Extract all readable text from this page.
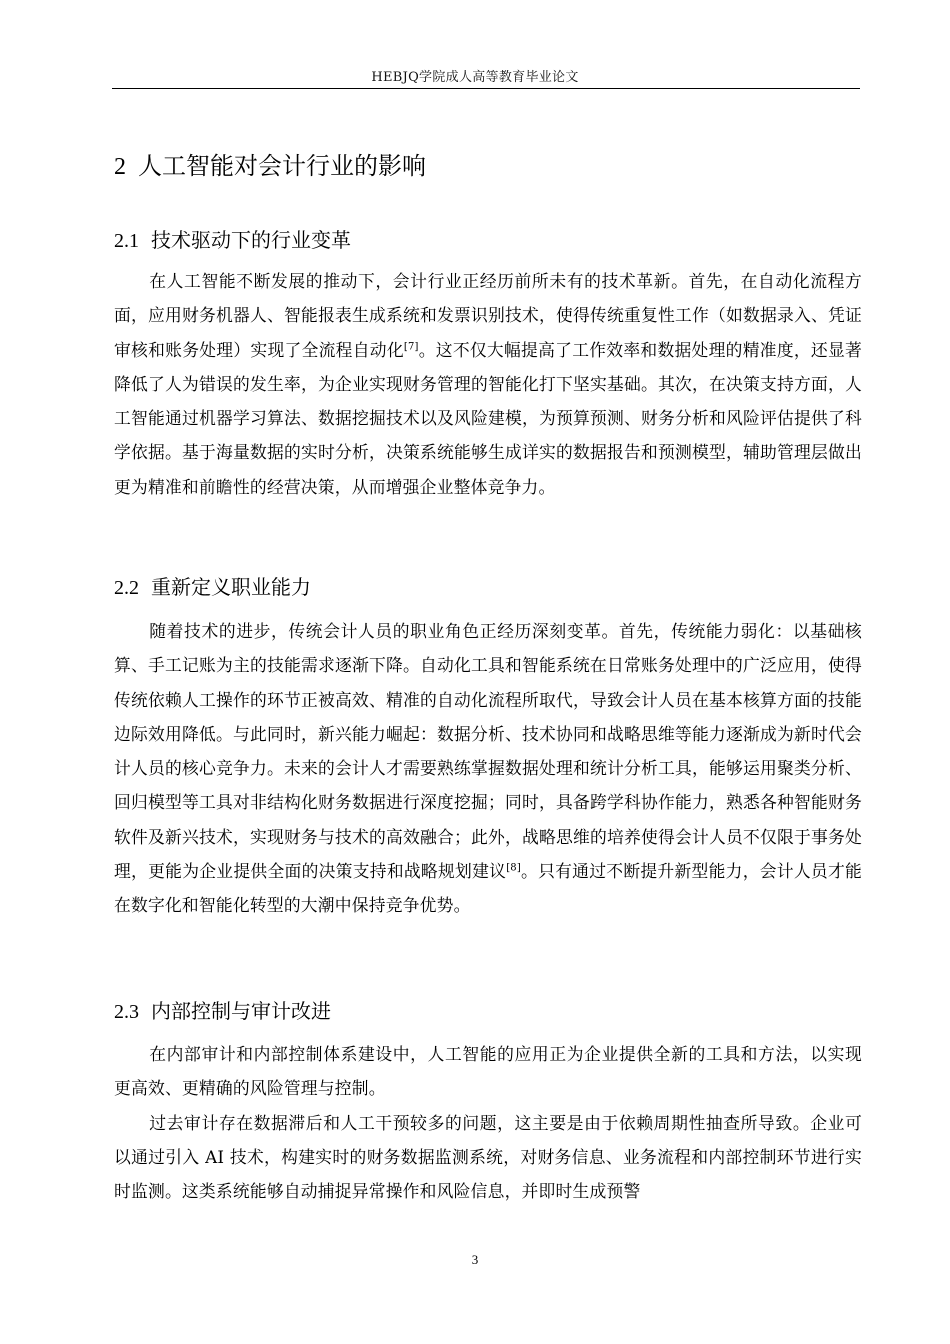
HEBJQ学院成人高等教育毕业论文
2 人工智能对会计行业的影响
2.1 技术驱动下的行业变革

在人工智能不断发展的推动下，会计行业正经历前所未有的技术革新。首先，在自动化流程方面，应用财务机器人、智能报表生成系统和发票识别技术，使得传统重复性工作（如数据录入、凭证审核和账务处理）实现了全流程自动化[7]。这不仅大幅提高了工作效率和数据处理的精准度，还显著降低了人为错误的发生率，为企业实现财务管理的智能化打下坚实基础。其次，在决策支持方面，人工智能通过机器学习算法、数据挖掘技术以及风险建模，为预算预测、财务分析和风险评估提供了科学依据。基于海量数据的实时分析，决策系统能够生成详实的数据报告和预测模型，辅助管理层做出更为精准和前瞻性的经营决策，从而增强企业整体竞争力。

2.2 重新定义职业能力

随着技术的进步，传统会计人员的职业角色正经历深刻变革。首先，传统能力弱化：以基础核算、手工记账为主的技能需求逐渐下降。自动化工具和智能系统在日常账务处理中的广泛应用，使得传统依赖人工操作的环节正被高效、精准的自动化流程所取代，导致会计人员在基本核算方面的技能边际效用降低。与此同时，新兴能力崛起：数据分析、技术协同和战略思维等能力逐渐成为新时代会计人员的核心竞争力。未来的会计人才需要熟练掌握数据处理和统计分析工具，能够运用聚类分析、回归模型等工具对非结构化财务数据进行深度挖掘；同时，具备跨学科协作能力，熟悉各种智能财务软件及新兴技术，实现财务与技术的高效融合；此外，战略思维的培养使得会计人员不仅限于事务处理，更能为企业提供全面的决策支持和战略规划建议[8]。只有通过不断提升新型能力，会计人员才能在数字化和智能化转型的大潮中保持竞争优势。

2.3 内部控制与审计改进

在内部审计和内部控制体系建设中，人工智能的应用正为企业提供全新的工具和方法，以实现更高效、更精确的风险管理与控制。

过去审计存在数据滞后和人工干预较多的问题，这主要是由于依赖周期性抽查所导致。企业可以通过引入 AI 技术，构建实时的财务数据监测系统，对财务信息、业务流程和内部控制环节进行实时监测。这类系统能够自动捕捉异常操作和风险信息，并即时生成预警

3
